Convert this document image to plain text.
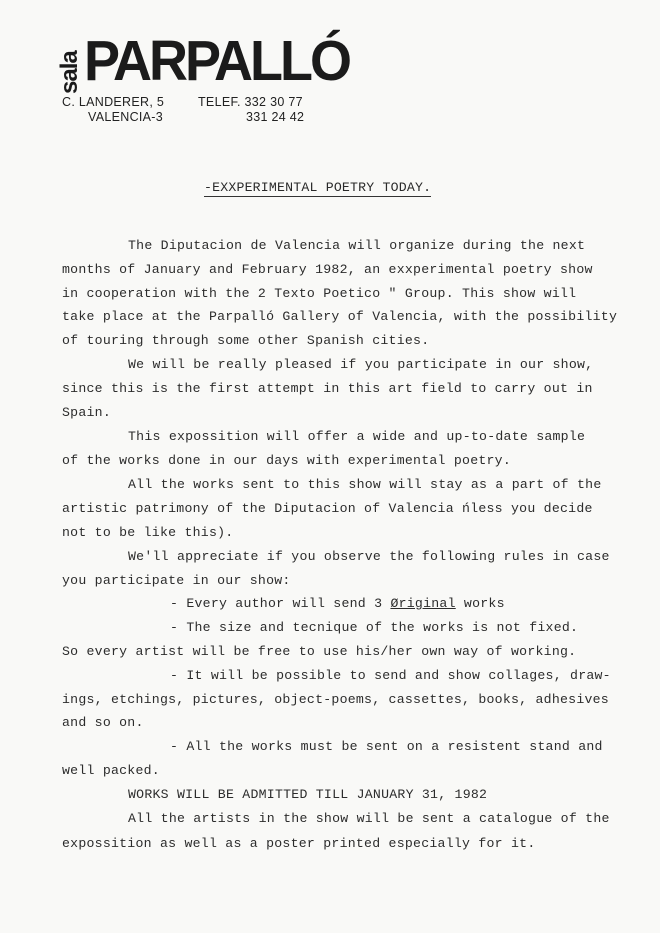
sala PARPALLÓ
C. LANDERER, 5
VALENCIA-3
TELEF. 332 30 77
331 24 42
-EXXPERIMENTAL POETRY TODAY.
The Diputacion de Valencia will organize during the next
months of January and February 1982, an exxperimental poetry show
in cooperation with the 2 Texto Poetico " Group. This show will
take place at the Parpalló Gallery of Valencia, with the possibility
of touring through some other Spanish cities.
We will be really pleased if you participate in our show,
since this is the first attempt in this art field to carry out in
Spain.
This expossition will offer a wide and up-to-date sample
of the works done in our days with experimental poetry.
All the works sent to this show will stay as a part of the
artistic patrimony of the Diputacion of Valencia ńless you decide
not to be like this).
We'll appreciate if you observe the following rules in case
you participate in our show:
- Every author will send 3 Øriginal works
- The size and tecnique of the works is not fixed.
So every artist will be free to use his/her own way of working.
- It will be possible to send and show collages, draw-
ings, etchings, pictures, object-poems, cassettes, books, adhesives
and so on.
- All the works must be sent on a resistent stand and
well packed.
WORKS WILL BE ADMITTED TILL JANUARY 31, 1982
All the artists in the show will be sent a catalogue of the
expossition as well as a poster printed especially for it.
